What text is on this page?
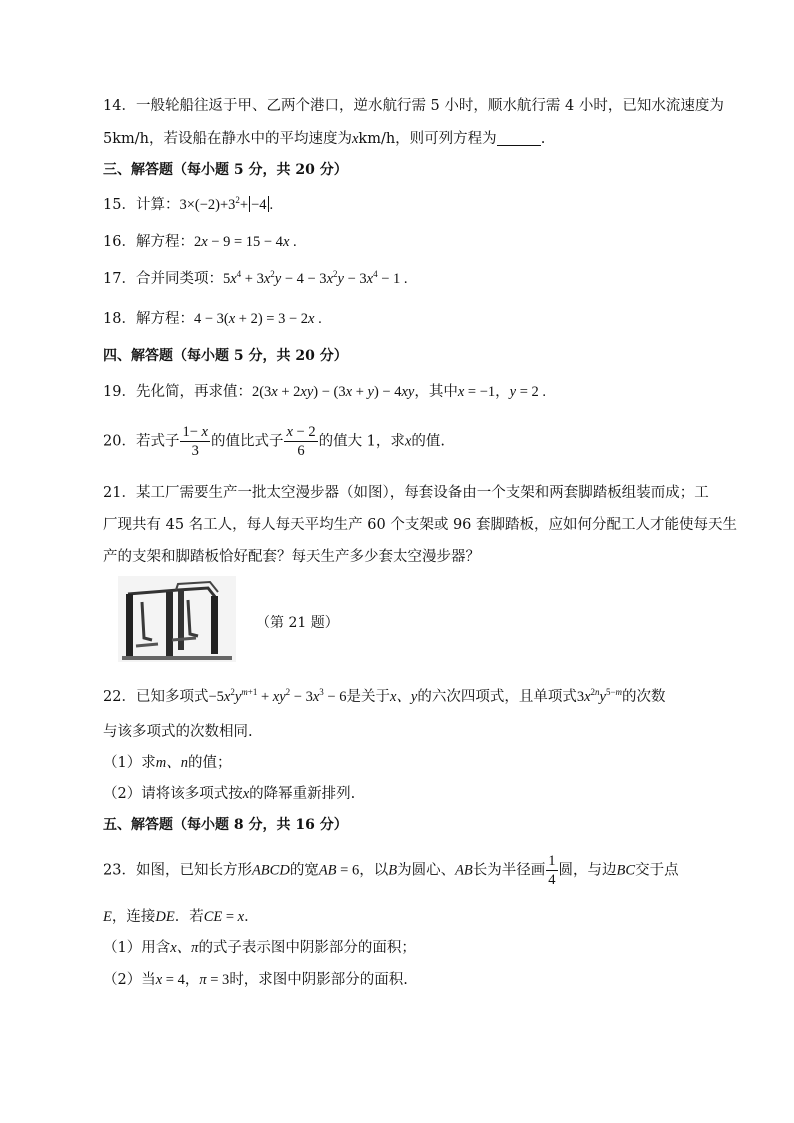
14．一般轮船往返于甲、乙两个港口，逆水航行需 5 小时，顺水航行需 4 小时，已知水流速度为
5km/h，若设船在静水中的平均速度为xkm/h，则可列方程为	.
三、解答题（每小题 5 分，共 20 分）
15．计算：$3\times(-2)+3^2+ -4$ .
16．解方程：2x − 9 = 15 − 4x .
17．合并同类项：$5x^4 + 3x^2y - 4 - 3x^2y - 3x^4 - 1$ .
18．解方程：4 − 3(x + 2) = 3 − 2x .
四、解答题（每小题 5 分，共 20 分）
19．先化简，再求值：2(3x + 2xy) − (3x + y) − 4xy，其中x = −1，y = 2 .
20．若式子 $\frac{1- x}{3}$ 的值比式子 $\frac{x - 2}{6}$ 的值大 1，求x的值.
21．某工厂需要生产一批太空漫步器（如图），每套设备由一个支架和两套脚踏板组装而成；工
厂现共有 45 名工人，每人每天平均生产 60 个支架或 96 套脚踏板，应如何分配工人才能使每天生
产的支架和脚踏板恰好配套？每天生产多少套太空漫步器？
（第 21 题）
22．已知多项式$-5x^2y^{m+1} + xy^2 - 3x^3 - 6$是关于x、y的六次四项式，且单项式$3x^{2n}y^{5-m}$的次数
与该多项式的次数相同.
（1）求m、n的值；
（2）请将该多项式按x的降幂重新排列.
五、解答题（每小题 8 分，共 16 分）
23．如图，已知长方形ABCD的宽AB = 6，以B为圆心、AB长为半径画 $\frac{1}{4}$ 圆，与边BC交于点
E，连接DE．若CE = x．
（1）用含x、π的式子表示图中阴影部分的面积；
（2）当x = 4，π = 3时，求图中阴影部分的面积.
